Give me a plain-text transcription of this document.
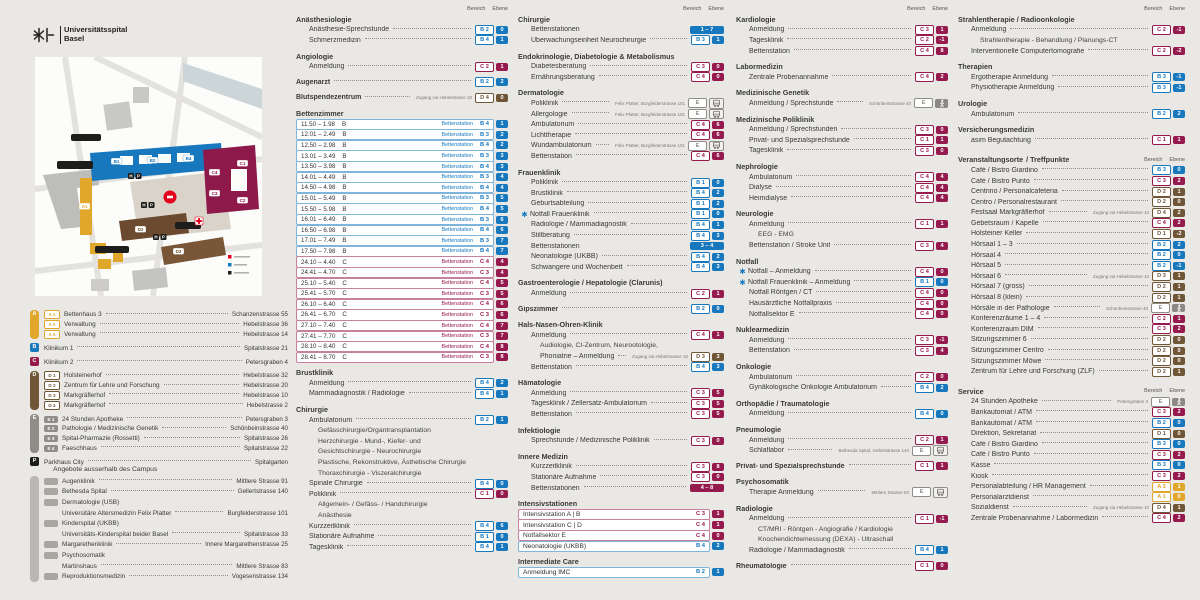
Universitätsspital
Basel
B1	B2	B4
C1
C4
C3
C2
A1
D2
D3
H P
H P
H P
A	A 1	Bettenhaus 3	Schanzenstrasse 55
A 2	Verwaltung	Hebelstrasse 36
A 3	Verwaltung	Hebelstrasse 14
B	Klinikum 1	Spitalstrasse 21
C	Klinikum 2	Petersgraben 4
D	D 1	Holsteinerhof	Hebelstrasse 32
D 2	Zentrum für Lehre und Forschung	Hebelstrasse 20
D 3	Markgräflerhof	Hebelstrasse 10
D 4	Markgräflerhof	Hebelstrasse 2
E	E 1	24 Stunden Apotheke	Petersgraben 3
E 2	Pathologie / Medizinische Genetik	Schönbeinstrasse 40
E 3	Spital-Pharmazie (Rossetti)	Spitalstrasse 26
E 4	Faeschhaus	Spitalstrasse 22
P	Parkhaus City	Spitalgarten
Angebote ausserhalb des Campus
Augenklinik	Mittlere Strasse 91
Bethesda Spital	Gellertstrasse 140
Dermatologie (USB)
Universitäre Altersmedizin Felix Platter	Burgfelderstrasse 101
Kinderspital (UKBB)
Universitäts-Kinderspital beider Basel	Spitalstrasse 33
Margarethenklinik	Innere Margarethenstrasse 25
Psychosomatik
Martinshaus	Mittlere Strasse 83
Reproduktionsmedizin	Vogesenstrasse 134
Bereich Ebene
Anästhesiologie
Anästhesie-Sprechstunde	B 2	0
Schmerzmedizin	B 4	1
Angiologie
Anmeldung	C 2	1
Augenarzt	B 2	2
Blutspendezentrum	Zugang via Hebelstrasse 10	D 4	0
Bettenzimmer
11.50 – 1.98 B	Bettenstation B 4	1
12.01 – 2.49 B	Bettenstation B 3	2
12.50 – 2.98 B	Bettenstation B 4	2
13.01 – 3.49 B	Bettenstation B 3	3
13.50 – 3.98 B	Bettenstation B 4	3
14.01 – 4.49 B	Bettenstation B 3	4
14.50 – 4.98 B	Bettenstation B 4	4
15.01 – 5.49 B	Bettenstation B 3	5
15.50 – 5.98 B	Bettenstation B 4	5
16.01 – 6.49 B	Bettenstation B 3	6
16.50 – 6.98 B	Bettenstation B 4	6
17.01 – 7.49 B	Bettenstation B 3	7
17.50 – 7.98 B	Bettenstation B 4	7
24.10 – 4.40 C	Bettenstation C 4	4
24.41 – 4.70 C	Bettenstation C 3	4
25.10 – 5.40 C	Bettenstation C 4	5
25.41 – 5.70 C	Bettenstation C 3	5
26.10 – 6.40 C	Bettenstation C 4	6
26.41 – 6.70 C	Bettenstation C 3	6
27.10 – 7.40 C	Bettenstation C 4	7
27.41 – 7.70 C	Bettenstation C 3	7
28.10 – 8.40 C	Bettenstation C 4	8
28.41 – 8.70 C	Bettenstation C 3	8
Brustklinik
Anmeldung	B 4	2
Mammadiagnostik / Radiologie	B 4	1
Chirurgie
Ambulatorium	B 2	1
Gefässchirurgie/Organtransplantation
Herzchirurgie - Mund-, Kiefer- und
Gesichtschirurgie - Neurochirurgie
Plastische, Rekonstruktive, Ästhetische Chirurgie
Thoraxchirurgie - Viszeralchirurgie
Spinale Chirurgie	B 4	0
Poliklinik	C 1	0
Allgemein- / Gefäss- / Handchirurgie
Anästhesie
Kurzzeitklinik	B 4	6
Stationäre Aufnahme	B 1	0
Tagesklinik	B 4	1
Bereich Ebene
Chirurgie
Bettenstationen	1 – 7
Überwachungseinheit Neurochirurgie	B 3	1
Endokrinologie, Diabetologie & Metabolismus
Diabetesberatung	C 3	0
Ernährungsberatung	C 4	0
Dermatologie
Poliklinik	Felix Platter, Burgfelderstrasse 101	E
Allergologie	Felix Platter, Burgfelderstrasse 101	E
Ambulatorium	C 4	6
Lichttherapie	C 4	6
Wundambulatorium	Felix Platter, Burgfelderstrasse 101	E
Bettenstation	C 4	6
Frauenklinik
Poliklinik	B 1	0
Brustklinik	B 4	2
Geburtsabteilung	B 1	2
✱ Notfall Frauenklinik	B 1	0
Radiologie / Mammadiagnostik	B 4	1
Stillberatung	B 4	3
Bettenstationen	3 – 4
Neonatologie (UKBB)	B 4	2
Schwangere und Wochenbett	B 4	3
Gastroenterologie / Hepatologie (Clarunis)
Anmeldung	C 2	1
Gipszimmer	B 2	0
Hals-Nasen-Ohren-Klinik
Anmeldung	C 4	1
Audiologie, CI-Zentrum, Neurootologie,
Phoniatrie – Anmeldung	Zugang via Hebelstrasse 10	D 3	3
Bettenstation	B 4	3
Hämatologie
Anmeldung	C 3	5
Tagesklinik / Zellersatz-Ambulatorium	C 3	5
Bettenstation	C 3	5
Infektiologie
Sprechstunde / Medizinische Poliklinik	C 3	0
Innere Medizin
Kurzzeitklinik	C 3	8
Stationäre Aufnahme	C 3	0
Bettenstationen	4 – 8
Intensivstationen
Intensivstation A | B	C 3	1
Intensivstation C | D	C 4	1
Notfallsektor E	C 4	0
Neonatologie (UKBB)	B 4	2
Intermediate Care
Anmeldung IMC	B 2	1
Bereich Ebene
Kardiologie
Anmeldung	C 3	1
Tagesklinik	C 2	-1
Bettenstation	C 4	8
Labormedizin
Zentrale Probenannahme	C 4	2
Medizinische Genetik
Anmeldung / Sprechstunde	Schönbeinstrasse 40	E
Medizinische Poliklinik
Anmeldung / Sprechstunden	C 3	0
Privat- und Spezialsprechstunde	C 1	1
Tagesklinik	C 3	0
Nephrologie
Ambulatorium	C 4	4
Dialyse	C 4	4
Heimdialyse	C 4	4
Neurologie
Anmeldung	C 1	1
EEG - EMG
Bettenstation / Stroke Unit	C 3	4
Notfall
✱ Notfall – Anmeldung	C 4	0
✱ Notfall Frauenklinik – Anmeldung	B 1	0
Notfall Röntgen / CT	C 4	0
Hausärztliche Notfallpraxis	C 4	0
Notfallsektor E	C 4	0
Nuklearmedizin
Anmeldung	C 3	-1
Bettenstation	C 3	4
Onkologie
Ambulatorium	C 2	0
Gynäkologische Onkologie Ambulatorium	B 4	2
Orthopädie / Traumatologie
Anmeldung	B 4	0
Pneumologie
Anmeldung	C 2	1
Schlaflabor	Bethesda Spital, Gellertstrasse 140	E
Privat- und Spezialsprechstunde	C 1	1
Psychosomatik
Therapie Anmeldung	Mittlere Strasse 83	E
Radiologie
Anmeldung	C 1	-1
CT/MRI - Röntgen - Angiografie / Kardiologie
Knochendichtemessung (DEXA) - Ultraschall
Radiologie / Mammadiagnostik	B 4	1
Rheumatologie	C 1	0
Bereich Ebene
Strahlentherapie / Radioonkologie
Anmeldung	C 2	-1
Strahlentherapie - Behandlung / Planungs-CT
Interventionelle Computertomografie	C 2	-2
Therapien
Ergotherapie Anmeldung	B 3	-1
Physiotherapie Anmeldung	B 3	-1
Urologie
Ambulatorium	B 2	2
Versicherungsmedizin
asim Begutachtung	C 1	1
Veranstaltungsorte / Treffpunkte	Bereich Ebene
Café / Bistro Giardino	B 3	0
Café / Bistro Punto	C 3	2
Centrino / Personalcafeteria	D 2	1
Centro / Personalrestaurant	D 2	0
Festsaal Markgräflerhof	Zugang via Hebelstrasse 10	D 4	2
Gebetsraum / Kapelle	C 4	2
Holsteiner Keller	D 1	-2
Hörsaal 1 – 3	B 2	2
Hörsaal 4	B 2	0
Hörsaal 5	B 2	-1
Hörsaal 6	Zugang via Hebelstrasse 10	D 3	1
Hörsaal 7 (gross)	D 2	1
Hörsaal 8 (klein)	D 2	1
Hörsäle in der Pathologie	Schönbeinstrasse 40	E
Konferenzräume 1 – 4	C 2	1
Konferenzraum DIM	C 3	2
Sitzungszimmer 6	D 2	0
Sitzungszimmer Centro	D 2	0
Sitzungszimmer Möwe	D 2	0
Zentrum für Lehre und Forschung (ZLF)	D 2	1
Service	Bereich Ebene
24 Stunden Apotheke	Petersgraben 3	E
Bankautomat / ATM	C 3	2
Bankautomat / ATM	B 2	0
Direktion, Sekretariat	D 1	0
Café / Bistro Giardino	B 3	0
Café / Bistro Punto	C 3	2
Kasse	B 3	0
Kiosk	C 3	2
Personalabteilung / HR Management	A 3	1
Personalarztdienst	A 1	0
Sozialdienst	Zugang via Hebelstrasse 10	D 4	1
Zentrale Probenannahme / Labormedizin	C 4	2
